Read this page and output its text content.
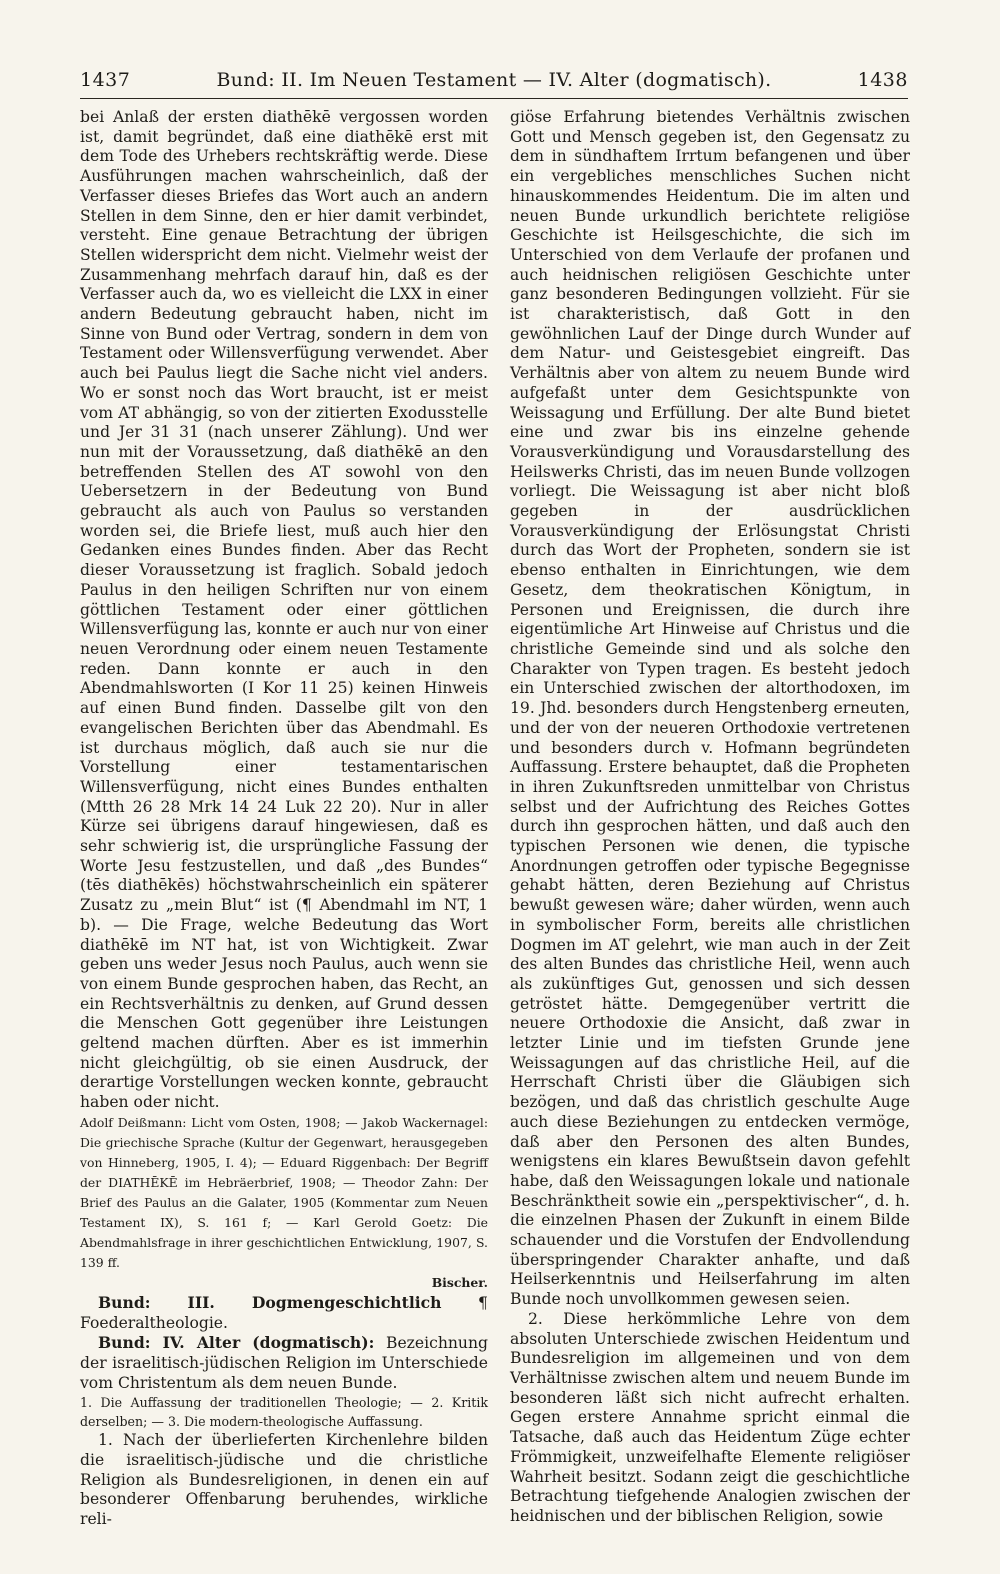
1437	Bund: II. Im Neuen Testament — IV. Alter (dogmatisch).	1438

bei Anlaß der ersten diathēkē vergossen worden ist, damit begründet, daß eine diathēkē erst mit dem Tode des Urhebers rechtskräftig werde. Diese Ausführungen machen wahrscheinlich, daß der Verfasser dieses Briefes das Wort auch an andern Stellen in dem Sinne, den er hier damit verbindet, versteht. Eine genaue Betrachtung der übrigen Stellen widerspricht dem nicht. Vielmehr weist der Zusammenhang mehrfach darauf hin, daß es der Verfasser auch da, wo es vielleicht die LXX in einer andern Bedeutung gebraucht haben, nicht im Sinne von Bund oder Vertrag, sondern in dem von Testament oder Willensverfügung verwendet. Aber auch bei Paulus liegt die Sache nicht viel anders. Wo er sonst noch das Wort braucht, ist er meist vom AT abhängig, so von der zitierten Exodusstelle und Jer 31 31 (nach unserer Zählung). Und wer nun mit der Voraussetzung, daß diathēkē an den betreffenden Stellen des AT sowohl von den Uebersetzern in der Bedeutung von Bund gebraucht als auch von Paulus so verstanden worden sei, die Briefe liest, muß auch hier den Gedanken eines Bundes finden. Aber das Recht dieser Voraussetzung ist fraglich. Sobald jedoch Paulus in den heiligen Schriften nur von einem göttlichen Testament oder einer göttlichen Willensverfügung las, konnte er auch nur von einer neuen Verordnung oder einem neuen Testamente reden. Dann konnte er auch in den Abendmahlsworten (I Kor 11 25) keinen Hinweis auf einen Bund finden. Dasselbe gilt von den evangelischen Berichten über das Abendmahl. Es ist durchaus möglich, daß auch sie nur die Vorstellung einer testamentarischen Willensverfügung, nicht eines Bundes enthalten (Mtth 26 28 Mrk 14 24 Luk 22 20). Nur in aller Kürze sei übrigens darauf hingewiesen, daß es sehr schwierig ist, die ursprüngliche Fassung der Worte Jesu festzustellen, und daß „des Bundes“ (tēs diathēkēs) höchstwahrscheinlich ein späterer Zusatz zu „mein Blut“ ist (¶ Abendmahl im NT, 1 b). — Die Frage, welche Bedeutung das Wort diathēkē im NT hat, ist von Wichtigkeit. Zwar geben uns weder Jesus noch Paulus, auch wenn sie von einem Bunde gesprochen haben, das Recht, an ein Rechtsverhältnis zu denken, auf Grund dessen die Menschen Gott gegenüber ihre Leistungen geltend machen dürften. Aber es ist immerhin nicht gleichgültig, ob sie einen Ausdruck, der derartige Vorstellungen wecken konnte, gebraucht haben oder nicht.

Adolf Deißmann: Licht vom Osten, 1908; — Jakob Wackernagel: Die griechische Sprache (Kultur der Gegenwart, herausgegeben von Hinneberg, 1905, I. 4); — Eduard Riggenbach: Der Begriff der DIATHĒKĒ im Hebräerbrief, 1908; — Theodor Zahn: Der Brief des Paulus an die Galater, 1905 (Kommentar zum Neuen Testament IX), S. 161 f; — Karl Gerold Goetz: Die Abendmahlsfrage in ihrer geschichtlichen Entwicklung, 1907, S. 139 ff.
Bischer.

Bund: III. Dogmengeschichtlich ¶ Foederaltheologie.

Bund: IV. Alter (dogmatisch): Bezeichnung der israelitisch-jüdischen Religion im Unterschiede vom Christentum als dem neuen Bunde.

1. Die Auffassung der traditionellen Theologie; — 2. Kritik derselben; — 3. Die modern-theologische Auffassung.

1. Nach der überlieferten Kirchenlehre bilden die israelitisch-jüdische und die christliche Religion als Bundesreligionen, in denen ein auf besonderer Offenbarung beruhendes, wirkliche reli-

giöse Erfahrung bietendes Verhältnis zwischen Gott und Mensch gegeben ist, den Gegensatz zu dem in sündhaftem Irrtum befangenen und über ein vergebliches menschliches Suchen nicht hinauskommendes Heidentum. Die im alten und neuen Bunde urkundlich berichtete religiöse Geschichte ist Heilsgeschichte, die sich im Unterschied von dem Verlaufe der profanen und auch heidnischen religiösen Geschichte unter ganz besonderen Bedingungen vollzieht. Für sie ist charakteristisch, daß Gott in den gewöhnlichen Lauf der Dinge durch Wunder auf dem Natur- und Geistesgebiet eingreift. Das Verhältnis aber von altem zu neuem Bunde wird aufgefaßt unter dem Gesichtspunkte von Weissagung und Erfüllung. Der alte Bund bietet eine und zwar bis ins einzelne gehende Vorausverkündigung und Vorausdarstellung des Heilswerks Christi, das im neuen Bunde vollzogen vorliegt. Die Weissagung ist aber nicht bloß gegeben in der ausdrücklichen Vorausverkündigung der Erlösungstat Christi durch das Wort der Propheten, sondern sie ist ebenso enthalten in Einrichtungen, wie dem Gesetz, dem theokratischen Königtum, in Personen und Ereignissen, die durch ihre eigentümliche Art Hinweise auf Christus und die christliche Gemeinde sind und als solche den Charakter von Typen tragen. Es besteht jedoch ein Unterschied zwischen der altorthodoxen, im 19. Jhd. besonders durch Hengstenberg erneuten, und der von der neueren Orthodoxie vertretenen und besonders durch v. Hofmann begründeten Auffassung. Erstere behauptet, daß die Propheten in ihren Zukunftsreden unmittelbar von Christus selbst und der Aufrichtung des Reiches Gottes durch ihn gesprochen hätten, und daß auch den typischen Personen wie denen, die typische Anordnungen getroffen oder typische Begegnisse gehabt hätten, deren Beziehung auf Christus bewußt gewesen wäre; daher würden, wenn auch in symbolischer Form, bereits alle christlichen Dogmen im AT gelehrt, wie man auch in der Zeit des alten Bundes das christliche Heil, wenn auch als zukünftiges Gut, genossen und sich dessen getröstet hätte. Demgegenüber vertritt die neuere Orthodoxie die Ansicht, daß zwar in letzter Linie und im tiefsten Grunde jene Weissagungen auf das christliche Heil, auf die Herrschaft Christi über die Gläubigen sich bezögen, und daß das christlich geschulte Auge auch diese Beziehungen zu entdecken vermöge, daß aber den Personen des alten Bundes, wenigstens ein klares Bewußtsein davon gefehlt habe, daß den Weissagungen lokale und nationale Beschränktheit sowie ein „perspektivischer“, d. h. die einzelnen Phasen der Zukunft in einem Bilde schauender und die Vorstufen der Endvollendung überspringender Charakter anhafte, und daß Heilserkenntnis und Heilserfahrung im alten Bunde noch unvollkommen gewesen seien.

2. Diese herkömmliche Lehre von dem absoluten Unterschiede zwischen Heidentum und Bundesreligion im allgemeinen und von dem Verhältnisse zwischen altem und neuem Bunde im besonderen läßt sich nicht aufrecht erhalten. Gegen erstere Annahme spricht einmal die Tatsache, daß auch das Heidentum Züge echter Frömmigkeit, unzweifelhafte Elemente religiöser Wahrheit besitzt. Sodann zeigt die geschichtliche Betrachtung tiefgehende Analogien zwischen der heidnischen und der biblischen Religion, sowie
